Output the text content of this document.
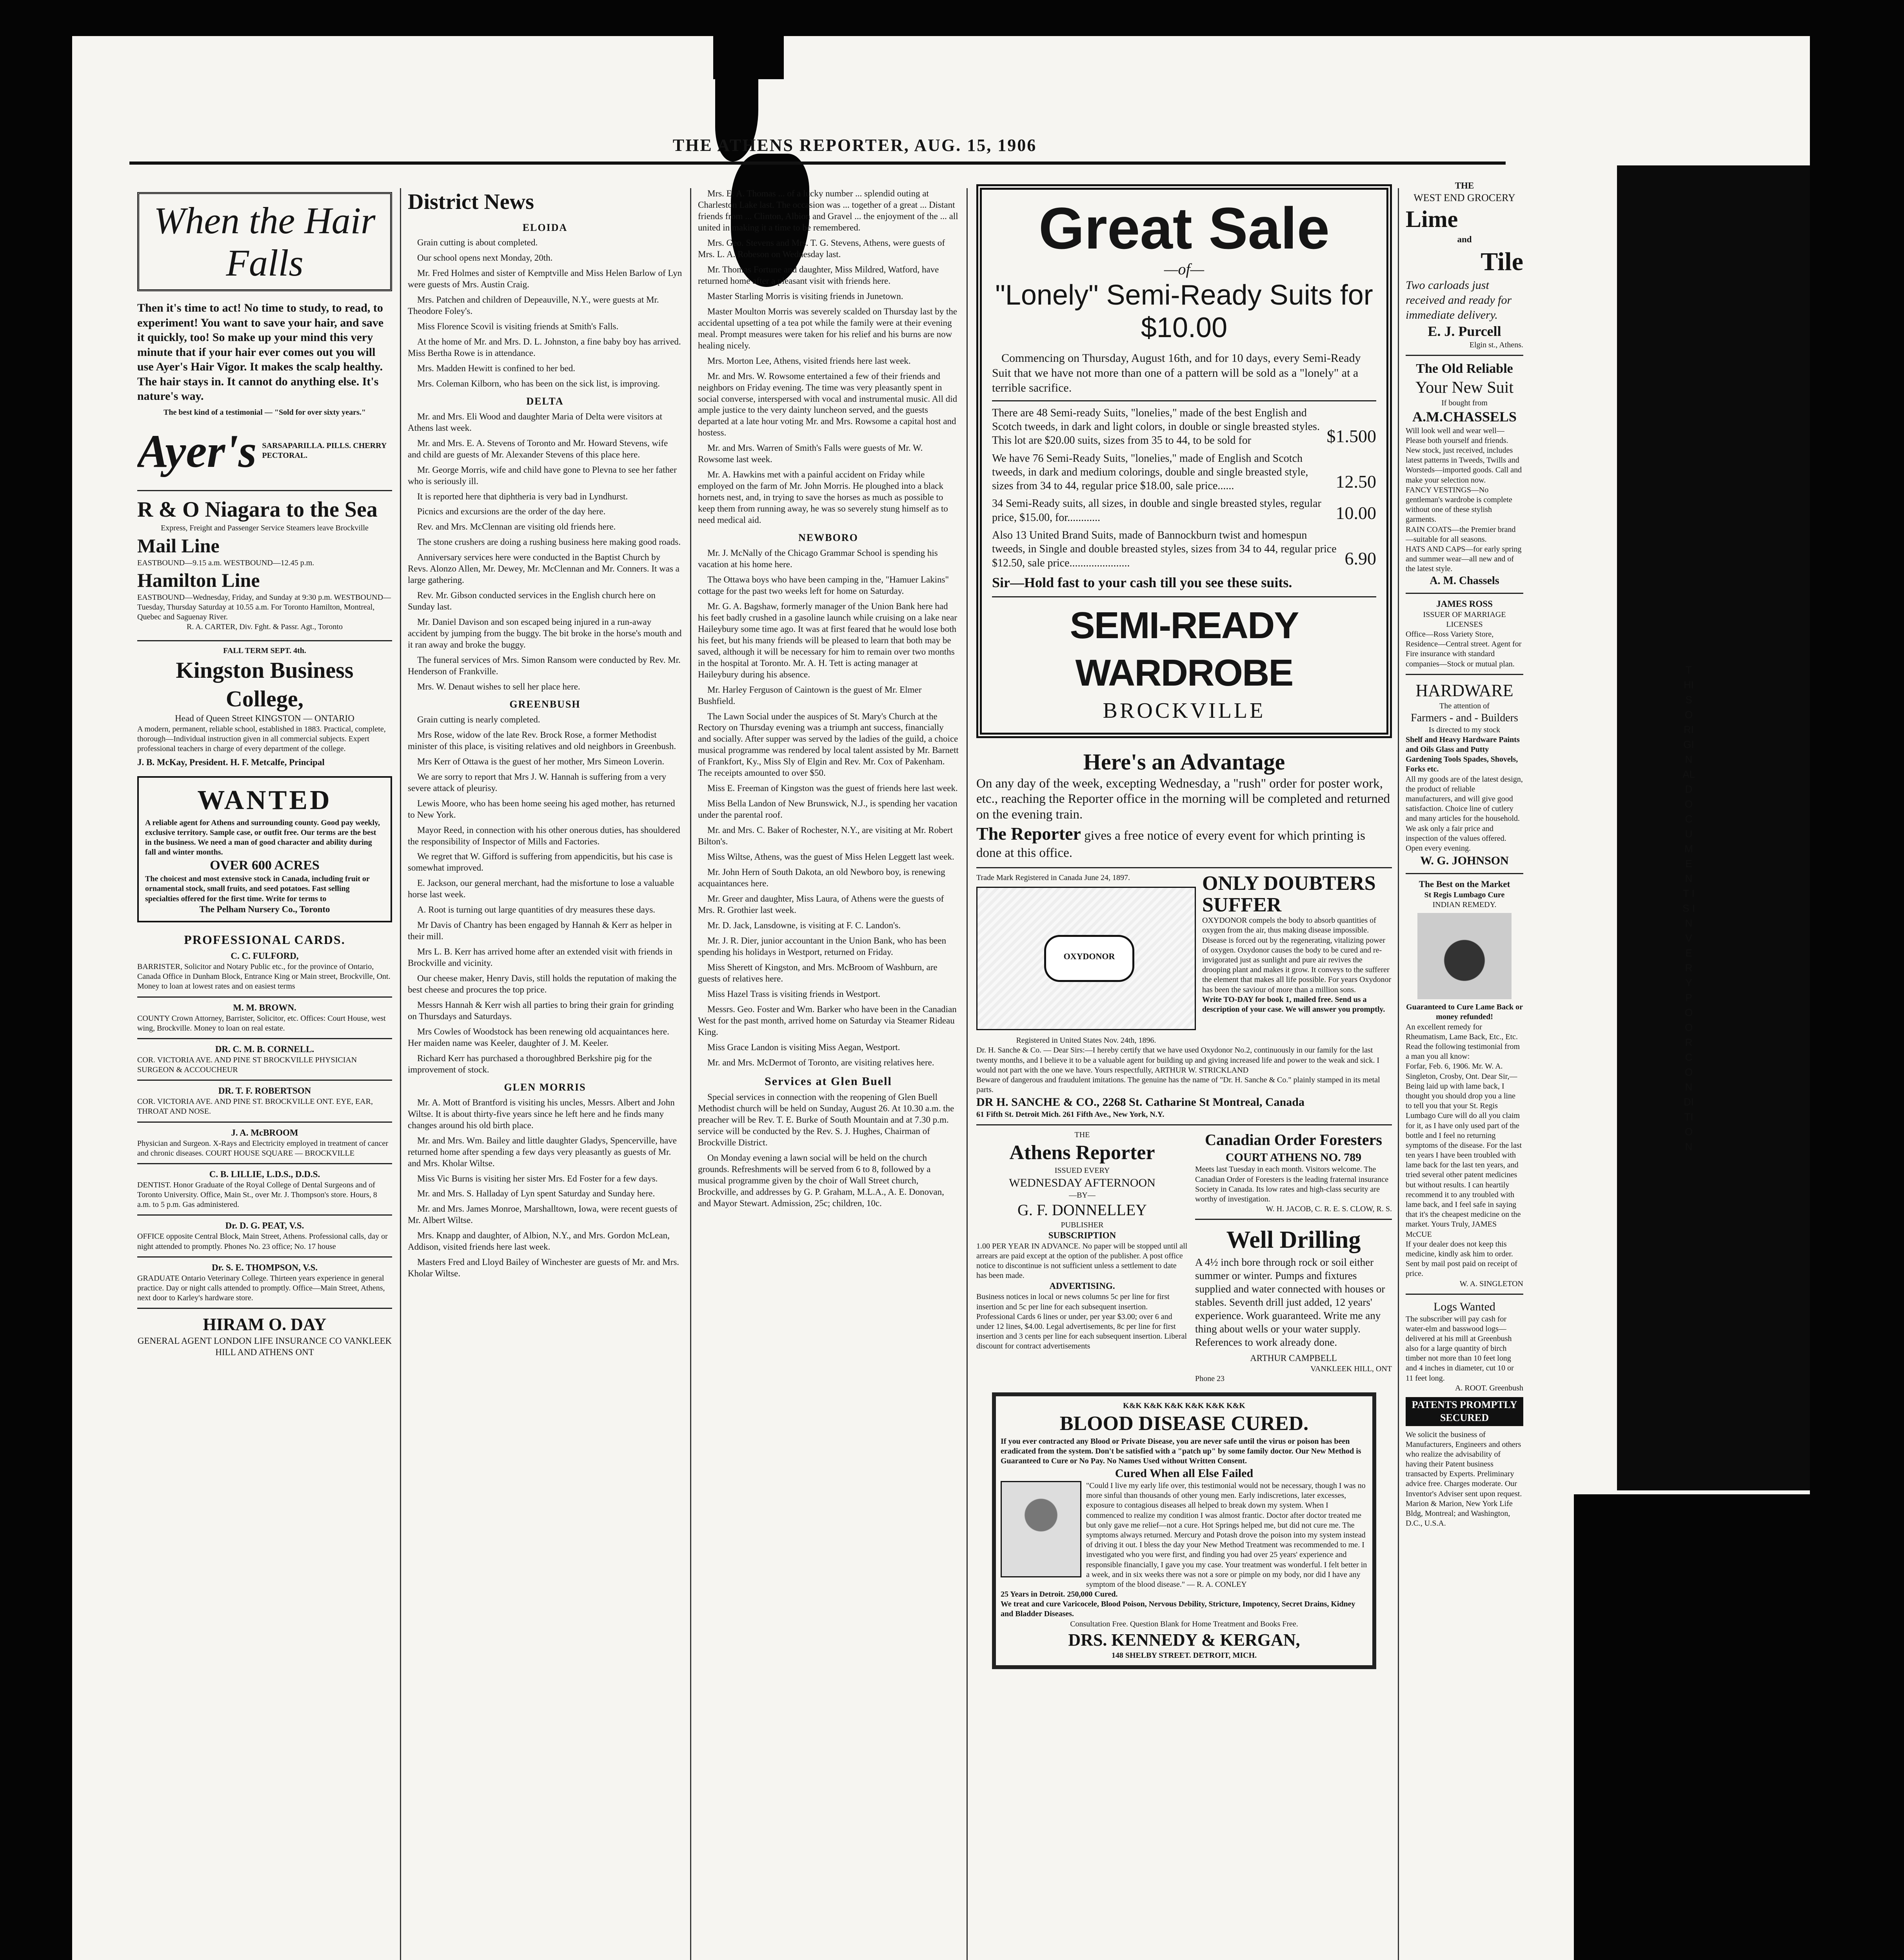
THE ATHENS REPORTER, AUG. 15, 1906
THIS ORIGINAL DOCUMENT IS IN VERY POOR CONDITION
When the Hair Falls
Then it's time to act! No time to study, to read, to experiment! You want to save your hair, and save it quickly, too! So make up your mind this very minute that if your hair ever comes out you will use Ayer's Hair Vigor. It makes the scalp healthy. The hair stays in. It cannot do anything else. It's nature's way.
The best kind of a testimonial — "Sold for over sixty years."
Ayer's SARSAPARILLA. PILLS. CHERRY PECTORAL.
R & O Niagara to the Sea
Express, Freight and Passenger Service Steamers leave Brockville
Mail Line
EASTBOUND—9.15 a.m. WESTBOUND—12.45 p.m.
Hamilton Line
EASTBOUND—Wednesday, Friday, and Sunday at 9:30 p.m. WESTBOUND—Tuesday, Thursday Saturday at 10.55 a.m. For Toronto Hamilton, Montreal, Quebec and Saguenay River.
R. A. CARTER, Div. Fght. & Passr. Agt., Toronto
FALL TERM SEPT. 4th.
Kingston Business College,
Head of Queen Street KINGSTON — ONTARIO
A modern, permanent, reliable school, established in 1883. Practical, complete, thorough—Individual instruction given in all commercial subjects. Expert professional teachers in charge of every department of the college.
J. B. McKay, President. H. F. Metcalfe, Principal
WANTED
A reliable agent for Athens and surrounding county. Good pay weekly, exclusive territory. Sample case, or outfit free. Our terms are the best in the business. We need a man of good character and ability during fall and winter months.
OVER 600 ACRES
The choicest and most extensive stock in Canada, including fruit or ornamental stock, small fruits, and seed potatoes. Fast selling specialties offered for the first time. Write for terms to
The Pelham Nursery Co., Toronto
PROFESSIONAL CARDS.
C. C. FULFORD,
BARRISTER, Solicitor and Notary Public etc., for the province of Ontario, Canada Office in Dunham Block, Entrance King or Main street, Brockville, Ont. Money to loan at lowest rates and on easiest terms
M. M. BROWN.
COUNTY Crown Attorney, Barrister, Solicitor, etc. Offices: Court House, west wing, Brockville. Money to loan on real estate.
DR. C. M. B. CORNELL.
COR. VICTORIA AVE. AND PINE ST BROCKVILLE PHYSICIAN SURGEON & ACCOUCHEUR
DR. T. F. ROBERTSON
COR. VICTORIA AVE. AND PINE ST. BROCKVILLE ONT. EYE, EAR, THROAT AND NOSE.
J. A. McBROOM
Physician and Surgeon. X-Rays and Electricity employed in treatment of cancer and chronic diseases. COURT HOUSE SQUARE — BROCKVILLE
C. B. LILLIE, L.D.S., D.D.S.
DENTIST. Honor Graduate of the Royal College of Dental Surgeons and of Toronto University. Office, Main St., over Mr. J. Thompson's store. Hours, 8 a.m. to 5 p.m. Gas administered.
Dr. D. G. PEAT, V.S.
OFFICE opposite Central Block, Main Street, Athens. Professional calls, day or night attended to promptly. Phones No. 23 office; No. 17 house
Dr. S. E. THOMPSON, V.S.
GRADUATE Ontario Veterinary College. Thirteen years experience in general practice. Day or night calls attended to promptly. Office—Main Street, Athens, next door to Karley's hardware store.
HIRAM O. DAY
GENERAL AGENT LONDON LIFE INSURANCE CO VANKLEEK HILL AND ATHENS ONT
District News
ELOIDA

Grain cutting is about completed.

Our school opens next Monday, 20th.

Mr. Fred Holmes and sister of Kemptville and Miss Helen Barlow of Lyn were guests of Mrs. Austin Craig.

Mrs. Patchen and children of Depeauville, N.Y., were guests at Mr. Theodore Foley's.

Miss Florence Scovil is visiting friends at Smith's Falls.

At the home of Mr. and Mrs. D. L. Johnston, a fine baby boy has arrived. Miss Bertha Rowe is in attendance.

Mrs. Madden Hewitt is confined to her bed.

Mrs. Coleman Kilborn, who has been on the sick list, is improving.

DELTA

Mr. and Mrs. Eli Wood and daughter Maria of Delta were visitors at Athens last week.

Mr. and Mrs. E. A. Stevens of Toronto and Mr. Howard Stevens, wife and child are guests of Mr. Alexander Stevens of this place here.

Mr. George Morris, wife and child have gone to Plevna to see her father who is seriously ill.

It is reported here that diphtheria is very bad in Lyndhurst.

Picnics and excursions are the order of the day here.

Rev. and Mrs. McClennan are visiting old friends here.

The stone crushers are doing a rushing business here making good roads.

Anniversary services here were conducted in the Baptist Church by Revs. Alonzo Allen, Mr. Dewey, Mr. McClennan and Mr. Conners. It was a large gathering.

Rev. Mr. Gibson conducted services in the English church here on Sunday last.

Mr. Daniel Davison and son escaped being injured in a run-away accident by jumping from the buggy. The bit broke in the horse's mouth and it ran away and broke the buggy.

The funeral services of Mrs. Simon Ransom were conducted by Rev. Mr. Henderson of Frankville.

Mrs. W. Denaut wishes to sell her place here.

GREENBUSH

Grain cutting is nearly completed.

Mrs Rose, widow of the late Rev. Brock Rose, a former Methodist minister of this place, is visiting relatives and old neighbors in Greenbush.

Mrs Kerr of Ottawa is the guest of her mother, Mrs Simeon Loverin.

We are sorry to report that Mrs J. W. Hannah is suffering from a very severe attack of pleurisy.

Lewis Moore, who has been home seeing his aged mother, has returned to New York.

Mayor Reed, in connection with his other onerous duties, has shouldered the responsibility of Inspector of Mills and Factories.

We regret that W. Gifford is suffering from appendicitis, but his case is somewhat improved.

E. Jackson, our general merchant, had the misfortune to lose a valuable horse last week.

A. Root is turning out large quantities of dry measures these days.

Mr Davis of Chantry has been engaged by Hannah & Kerr as helper in their mill.

Mrs L. B. Kerr has arrived home after an extended visit with friends in Brockville and vicinity.

Our cheese maker, Henry Davis, still holds the reputation of making the best cheese and procures the top price.

Messrs Hannah & Kerr wish all parties to bring their grain for grinding on Thursdays and Saturdays.

Mrs Cowles of Woodstock has been renewing old acquaintances here. Her maiden name was Keeler, daughter of J. M. Keeler.

Richard Kerr has purchased a thoroughbred Berkshire pig for the improvement of stock.

GLEN MORRIS

Mr. A. Mott of Brantford is visiting his uncles, Messrs. Albert and John Wiltse. It is about thirty-five years since he left here and he finds many changes around his old birth place.

Mr. and Mrs. Wm. Bailey and little daughter Gladys, Spencerville, have returned home after spending a few days very pleasantly as guests of Mr. and Mrs. Kholar Wiltse.

Miss Vic Burns is visiting her sister Mrs. Ed Foster for a few days.

Mr. and Mrs. S. Halladay of Lyn spent Saturday and Sunday here.

Mr. and Mrs. James Monroe, Marshalltown, Iowa, were recent guests of Mr. Albert Wiltse.

Mrs. Knapp and daughter, of Albion, N.Y., and Mrs. Gordon McLean, Addison, visited friends here last week.

Masters Fred and Lloyd Bailey of Winchester are guests of Mr. and Mrs. Kholar Wiltse.

Mrs. E. A. Thomas ... of a lucky number ... splendid outing at Charleston Lake last. The occasion was ... together of a great ... Distant friends from ... Clinton, Albion and Gravel ... the enjoyment of the ... all united in making it a time to be remembered.

Mrs. Geo. Stevens and Mrs. T. G. Stevens, Athens, were guests of Mrs. L. A. Robeson on Wednesday last.

Mr. Thomas Fortune and daughter, Miss Mildred, Watford, have returned home after a pleasant visit with friends here.

Master Starling Morris is visiting friends in Junetown.

Master Moulton Morris was severely scalded on Thursday last by the accidental upsetting of a tea pot while the family were at their evening meal. Prompt measures were taken for his relief and his burns are now healing nicely.

Mrs. Morton Lee, Athens, visited friends here last week.

Mr. and Mrs. W. Rowsome entertained a few of their friends and neighbors on Friday evening. The time was very pleasantly spent in social converse, interspersed with vocal and instrumental music. All did ample justice to the very dainty luncheon served, and the guests departed at a late hour voting Mr. and Mrs. Rowsome a capital host and hostess.

Mr. and Mrs. Warren of Smith's Falls were guests of Mr. W. Rowsome last week.

Mr. A. Hawkins met with a painful accident on Friday while employed on the farm of Mr. John Morris. He ploughed into a black hornets nest, and, in trying to save the horses as much as possible to keep them from running away, he was so severely stung himself as to need medical aid.

NEWBORO

Mr. J. McNally of the Chicago Grammar School is spending his vacation at his home here.

The Ottawa boys who have been camping in the, "Hamuer Lakins" cottage for the past two weeks left for home on Saturday.

Mr. G. A. Bagshaw, formerly manager of the Union Bank here had his feet badly crushed in a gasoline launch while cruising on a lake near Haileybury some time ago. It was at first feared that he would lose both his feet, but his many friends will be pleased to learn that both may be saved, although it will be necessary for him to remain over two months in the hospital at Toronto. Mr. A. H. Tett is acting manager at Haileybury during his absence.

Mr. Harley Ferguson of Caintown is the guest of Mr. Elmer Bushfield.

The Lawn Social under the auspices of St. Mary's Church at the Rectory on Thursday evening was a triumph ant success, financially and socially. After supper was served by the ladies of the guild, a choice musical programme was rendered by local talent assisted by Mr. Barnett of Frankfort, Ky., Miss Sly of Elgin and Rev. Mr. Cox of Pakenham. The receipts amounted to over $50.

Miss E. Freeman of Kingston was the guest of friends here last week.

Miss Bella Landon of New Brunswick, N.J., is spending her vacation under the parental roof.

Mr. and Mrs. C. Baker of Rochester, N.Y., are visiting at Mr. Robert Bilton's.

Miss Wiltse, Athens, was the guest of Miss Helen Leggett last week.

Mr. John Hern of South Dakota, an old Newboro boy, is renewing acquaintances here.

Mr. Greer and daughter, Miss Laura, of Athens were the guests of Mrs. R. Grothier last week.

Mr. D. Jack, Lansdowne, is visiting at F. C. Landon's.

Mr. J. R. Dier, junior accountant in the Union Bank, who has been spending his holidays in Westport, returned on Friday.

Miss Sherett of Kingston, and Mrs. McBroom of Washburn, are guests of relatives here.

Miss Hazel Trass is visiting friends in Westport.

Messrs. Geo. Foster and Wm. Barker who have been in the Canadian West for the past month, arrived home on Saturday via Steamer Rideau King.

Miss Grace Landon is visiting Miss Aegan, Westport.

Mr. and Mrs. McDermot of Toronto, are visiting relatives here.

Services at Glen Buell

Special services in connection with the reopening of Glen Buell Methodist church will be held on Sunday, August 26. At 10.30 a.m. the preacher will be Rev. T. E. Burke of South Mountain and at 7.30 p.m. service will be conducted by the Rev. S. J. Hughes, Chairman of Brockville District.

On Monday evening a lawn social will be held on the church grounds. Refreshments will be served from 6 to 8, followed by a musical programme given by the choir of Wall Street church, Brockville, and addresses by G. P. Graham, M.L.A., A. E. Donovan, and Mayor Stewart. Admission, 25c; children, 10c.

Great Sale
—of—
"Lonely" Semi-Ready Suits for $10.00

Commencing on Thursday, August 16th, and for 10 days, every Semi-Ready Suit that we have not more than one of a pattern will be sold as a "lonely" at a terrible sacrifice.

There are 48 Semi-ready Suits, "lonelies," made of the best English and Scotch tweeds, in dark and light colors, in double or single breasted styles. This lot are $20.00 suits, sizes from 35 to 44, to be sold for	$1.500
We have 76 Semi-Ready Suits, "lonelies," made of English and Scotch tweeds, in dark and medium colorings, double and single breasted style, sizes from 34 to 44, regular price $18.00, sale price......	12.50
34 Semi-Ready suits, all sizes, in double and single breasted styles, regular price, $15.00, for............	10.00
Also 13 United Brand Suits, made of Bannockburn twist and homespun tweeds, in Single and double breasted styles, sizes from 34 to 44, regular price $12.50, sale price......................	6.90
Sir—Hold fast to your cash till you see these suits.
SEMI-READY WARDROBE
BROCKVILLE
Here's an Advantage
On any day of the week, excepting Wednesday, a "rush" order for poster work, etc., reaching the Reporter office in the morning will be completed and returned on the evening train.
The Reporter gives a free notice of every event for which printing is done at this office.
Trade Mark Registered in Canada June 24, 1897.
OXYDONOR
Registered in United States Nov. 24th, 1896.
ONLY DOUBTERS SUFFER
OXYDONOR compels the body to absorb quantities of oxygen from the air, thus making disease impossible. Disease is forced out by the regenerating, vitalizing power of oxygen. Oxydonor causes the body to be cured and re-invigorated just as sunlight and pure air revives the drooping plant and makes it grow. It conveys to the sufferer the element that makes all life possible. For years Oxydonor has been the saviour of more than a million sons.
Write TO-DAY for book 1, mailed free. Send us a description of your case. We will answer you promptly.
Dr. H. Sanche & Co. — Dear Sirs:—I hereby certify that we have used Oxydonor No.2, continuously in our family for the last twenty months, and I believe it to be a valuable agent for building up and giving increased life and power to the weak and sick. I would not part with the one we have. Yours respectfully, ARTHUR W. STRICKLAND
Beware of dangerous and fraudulent imitations. The genuine has the name of "Dr. H. Sanche & Co." plainly stamped in its metal parts.
DR H. SANCHE & CO., 2268 St. Catharine St Montreal, Canada
61 Fifth St. Detroit Mich. 261 Fifth Ave., New York, N.Y.
THE
Athens Reporter
ISSUED EVERY
WEDNESDAY AFTERNOON
—BY—
G. F. DONNELLEY
PUBLISHER
SUBSCRIPTION
1.00 PER YEAR IN ADVANCE. No paper will be stopped until all arrears are paid except at the option of the publisher. A post office notice to discontinue is not sufficient unless a settlement to date has been made.
ADVERTISING.
Business notices in local or news columns 5c per line for first insertion and 5c per line for each subsequent insertion. Professional Cards 6 lines or under, per year $3.00; over 6 and under 12 lines, $4.00. Legal advertisements, 8c per line for first insertion and 3 cents per line for each subsequent insertion. Liberal discount for contract advertisements
Canadian Order Foresters
COURT ATHENS NO. 789
Meets last Tuesday in each month. Visitors welcome. The Canadian Order of Foresters is the leading fraternal insurance Society in Canada. Its low rates and high-class security are worthy of investigation.
W. H. JACOB, C. R. E. S. CLOW, R. S.
Well Drilling
A 4½ inch bore through rock or soil either summer or winter. Pumps and fixtures supplied and water connected with houses or stables. Seventh drill just added, 12 years' experience. Work guaranteed. Write me any thing about wells or your water supply. References to work already done.
ARTHUR CAMPBELL
VANKLEEK HILL, ONT
Phone 23
K&K K&K K&K K&K K&K K&K
BLOOD DISEASE CURED.
If you ever contracted any Blood or Private Disease, you are never safe until the virus or poison has been eradicated from the system. Don't be satisfied with a "patch up" by some family doctor. Our New Method is Guaranteed to Cure or No Pay. No Names Used without Written Consent.
Cured When all Else Failed
"Could I live my early life over, this testimonial would not be necessary, though I was no more sinful than thousands of other young men. Early indiscretions, later excesses, exposure to contagious diseases all helped to break down my system. When I commenced to realize my condition I was almost frantic. Doctor after doctor treated me but only gave me relief—not a cure. Hot Springs helped me, but did not cure me. The symptoms always returned. Mercury and Potash drove the poison into my system instead of driving it out. I bless the day your New Method Treatment was recommended to me. I investigated who you were first, and finding you had over 25 years' experience and responsible financially, I gave you my case. Your treatment was wonderful. I felt better in a week, and in six weeks there was not a sore or pimple on my body, nor did I have any symptom of the blood disease." — R. A. CONLEY
25 Years in Detroit. 250,000 Cured.
We treat and cure Varicocele, Blood Poison, Nervous Debility, Stricture, Impotency, Secret Drains, Kidney and Bladder Diseases.
Consultation Free. Question Blank for Home Treatment and Books Free.
DRS. KENNEDY & KERGAN,
148 SHELBY STREET. DETROIT, MICH.
THE
WEST END GROCERY
Lime
and
Tile
Two carloads just received and ready for immediate delivery.
E. J. Purcell
Elgin st., Athens.
The Old Reliable
Your New Suit
If bought from
A.M.CHASSELS
Will look well and wear well—Please both yourself and friends. New stock, just received, includes latest patterns in Tweeds, Twills and Worsteds—imported goods. Call and make your selection now.
FANCY VESTINGS—No gentleman's wardrobe is complete without one of these stylish garments.
RAIN COATS—the Premier brand—suitable for all seasons.
HATS AND CAPS—for early spring and summer wear—all new and of the latest style.
A. M. Chassels
JAMES ROSS
ISSUER OF MARRIAGE LICENSES
Office—Ross Variety Store, Residence—Central street. Agent for Fire insurance with standard companies—Stock or mutual plan.
HARDWARE
The attention of
Farmers - and - Builders
Is directed to my stock
Shelf and Heavy Hardware Paints and Oils Glass and Putty Gardening Tools Spades, Shovels, Forks etc.
All my goods are of the latest design, the product of reliable manufacturers, and will give good satisfaction. Choice line of cutlery and many articles for the household. We ask only a fair price and inspection of the values offered. Open every evening.
W. G. JOHNSON
The Best on the Market
St Regis Lumbago Cure
INDIAN REMEDY.
Guaranteed to Cure Lame Back or money refunded!
An excellent remedy for Rheumatism, Lame Back, Etc., Etc.
Read the following testimonial from a man you all know:
Forfar, Feb. 6, 1906. Mr. W. A. Singleton, Crosby, Ont. Dear Sir,—Being laid up with lame back, I thought you should drop you a line to tell you that your St. Regis Lumbago Cure will do all you claim for it, as I have only used part of the bottle and I feel no returning symptoms of the disease. For the last ten years I have been troubled with lame back for the last ten years, and tried several other patent medicines but without results. I can heartily recommend it to any troubled with lame back, and I feel safe in saying that it's the cheapest medicine on the market. Yours Truly, JAMES McCUE
If your dealer does not keep this medicine, kindly ask him to order. Sent by mail post paid on receipt of price.
W. A. SINGLETON
Logs Wanted
The subscriber will pay cash for water-elm and basswood logs—delivered at his mill at Greenbush also for a large quantity of birch timber not more than 10 feet long and 4 inches in diameter, cut 10 or 11 feet long.
A. ROOT. Greenbush
PATENTS PROMPTLY SECURED
We solicit the business of Manufacturers, Engineers and others who realize the advisability of having their Patent business transacted by Experts. Preliminary advice free. Charges moderate. Our Inventor's Adviser sent upon request. Marion & Marion, New York Life Bldg, Montreal; and Washington, D.C., U.S.A.
